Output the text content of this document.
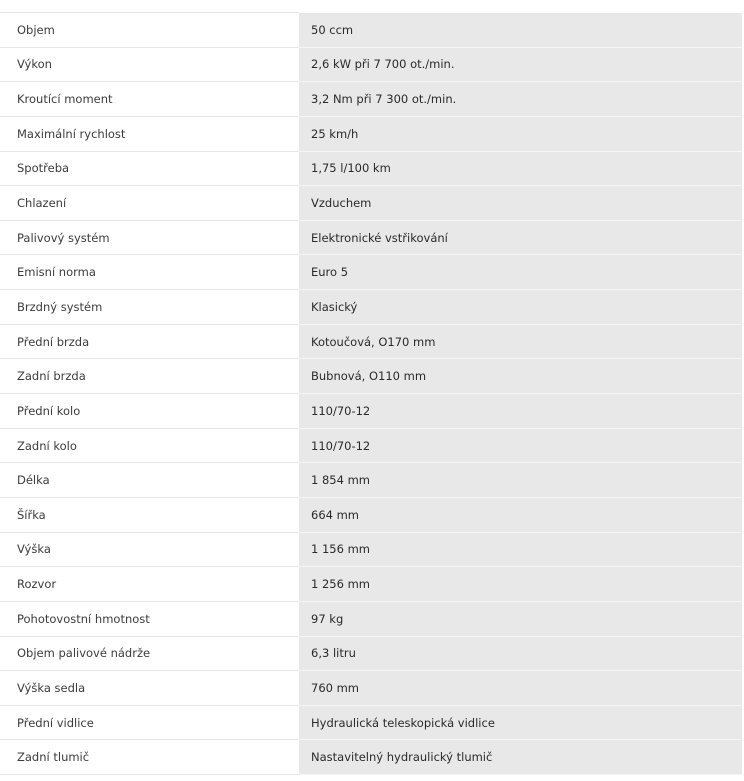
Objem	50 ccm
Výkon	2,6 kW při 7 700 ot./min.
Kroutící moment	3,2 Nm při 7 300 ot./min.
Maximální rychlost	25 km/h
Spotřeba	1,75 l/100 km
Chlazení	Vzduchem
Palivový systém	Elektronické vstřikování
Emisní norma	Euro 5
Brzdný systém	Klasický
Přední brzda	Kotoučová, O170 mm
Zadní brzda	Bubnová, O110 mm
Přední kolo	110/70-12
Zadní kolo	110/70-12
Délka	1 854 mm
Šířka	664 mm
Výška	1 156 mm
Rozvor	1 256 mm
Pohotovostní hmotnost	97 kg
Objem palivové nádrže	6,3 litru
Výška sedla	760 mm
Přední vidlice	Hydraulická teleskopická vidlice
Zadní tlumič	Nastavitelný hydraulický tlumič
